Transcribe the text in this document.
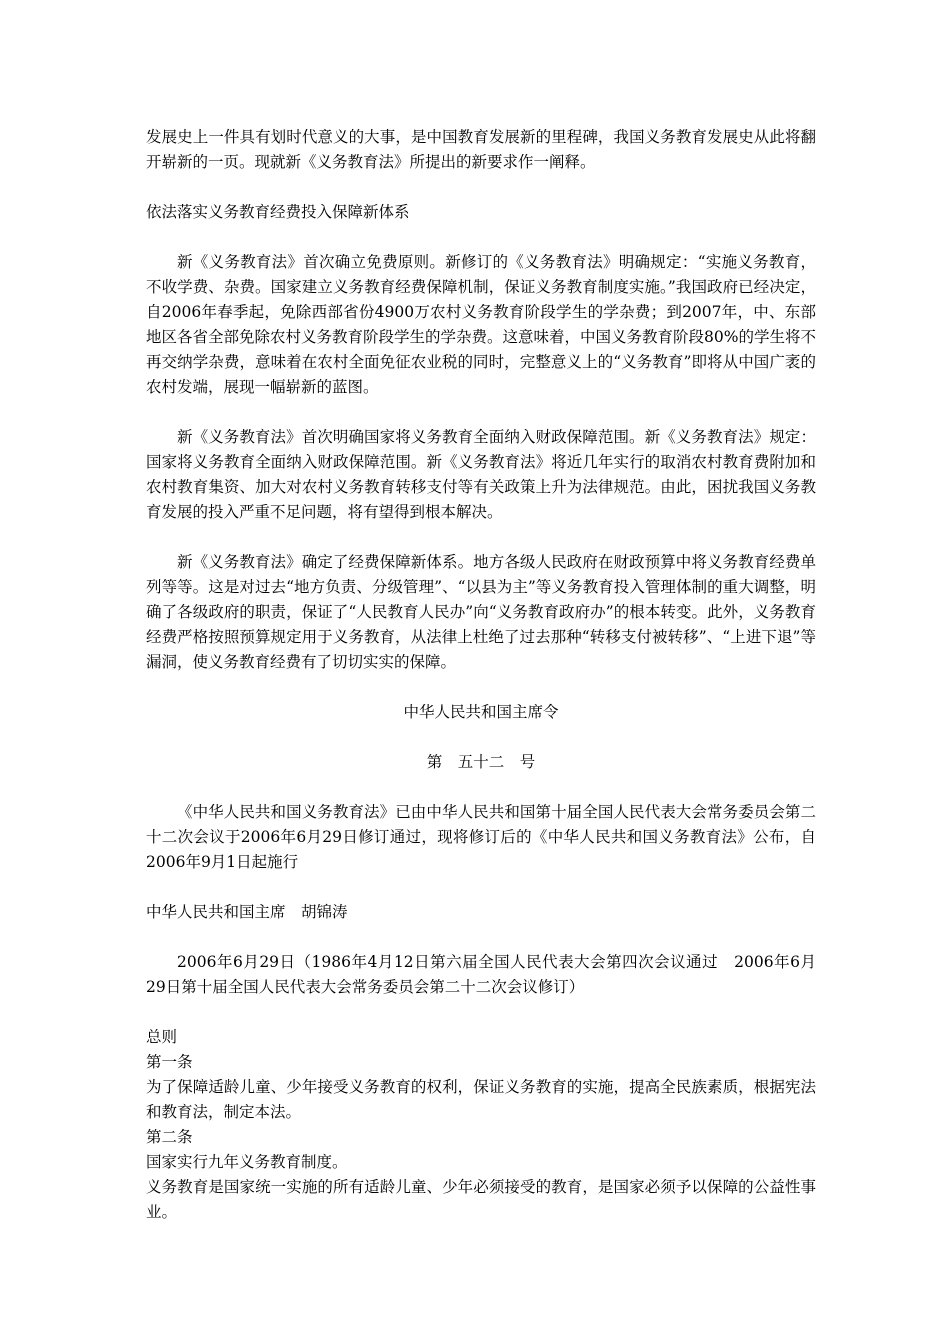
发展史上一件具有划时代意义的大事，是中国教育发展新的里程碑，我国义务教育发展史从此将翻开崭新的一页。现就新《义务教育法》所提出的新要求作一阐释。

依法落实义务教育经费投入保障新体系

新《义务教育法》首次确立免费原则。新修订的《义务教育法》明确规定：“实施义务教育，不收学费、杂费。国家建立义务教育经费保障机制，保证义务教育制度实施。”我国政府已经决定，自2006年春季起，免除西部省份4900万农村义务教育阶段学生的学杂费；到2007年，中、东部地区各省全部免除农村义务教育阶段学生的学杂费。这意味着，中国义务教育阶段80%的学生将不再交纳学杂费，意味着在农村全面免征农业税的同时，完整意义上的“义务教育”即将从中国广袤的农村发端，展现一幅崭新的蓝图。

新《义务教育法》首次明确国家将义务教育全面纳入财政保障范围。新《义务教育法》规定：国家将义务教育全面纳入财政保障范围。新《义务教育法》将近几年实行的取消农村教育费附加和农村教育集资、加大对农村义务教育转移支付等有关政策上升为法律规范。由此，困扰我国义务教育发展的投入严重不足问题，将有望得到根本解决。

新《义务教育法》确定了经费保障新体系。地方各级人民政府在财政预算中将义务教育经费单列等等。这是对过去“地方负责、分级管理”、“以县为主”等义务教育投入管理体制的重大调整，明确了各级政府的职责，保证了“人民教育人民办”向“义务教育政府办”的根本转变。此外，义务教育经费严格按照预算规定用于义务教育，从法律上杜绝了过去那种“转移支付被转移”、“上进下退”等漏洞，使义务教育经费有了切切实实的保障。

中华人民共和国主席令

第　五十二　号

《中华人民共和国义务教育法》已由中华人民共和国第十届全国人民代表大会常务委员会第二十二次会议于2006年6月29日修订通过，现将修订后的《中华人民共和国义务教育法》公布，自2006年9月1日起施行

中华人民共和国主席　胡锦涛

2006年6月29日（1986年4月12日第六届全国人民代表大会第四次会议通过　2006年6月29日第十届全国人民代表大会常务委员会第二十二次会议修订）

总则

第一条

为了保障适龄儿童、少年接受义务教育的权利，保证义务教育的实施，提高全民族素质，根据宪法和教育法，制定本法。

第二条

国家实行九年义务教育制度。

义务教育是国家统一实施的所有适龄儿童、少年必须接受的教育，是国家必须予以保障的公益性事业。
